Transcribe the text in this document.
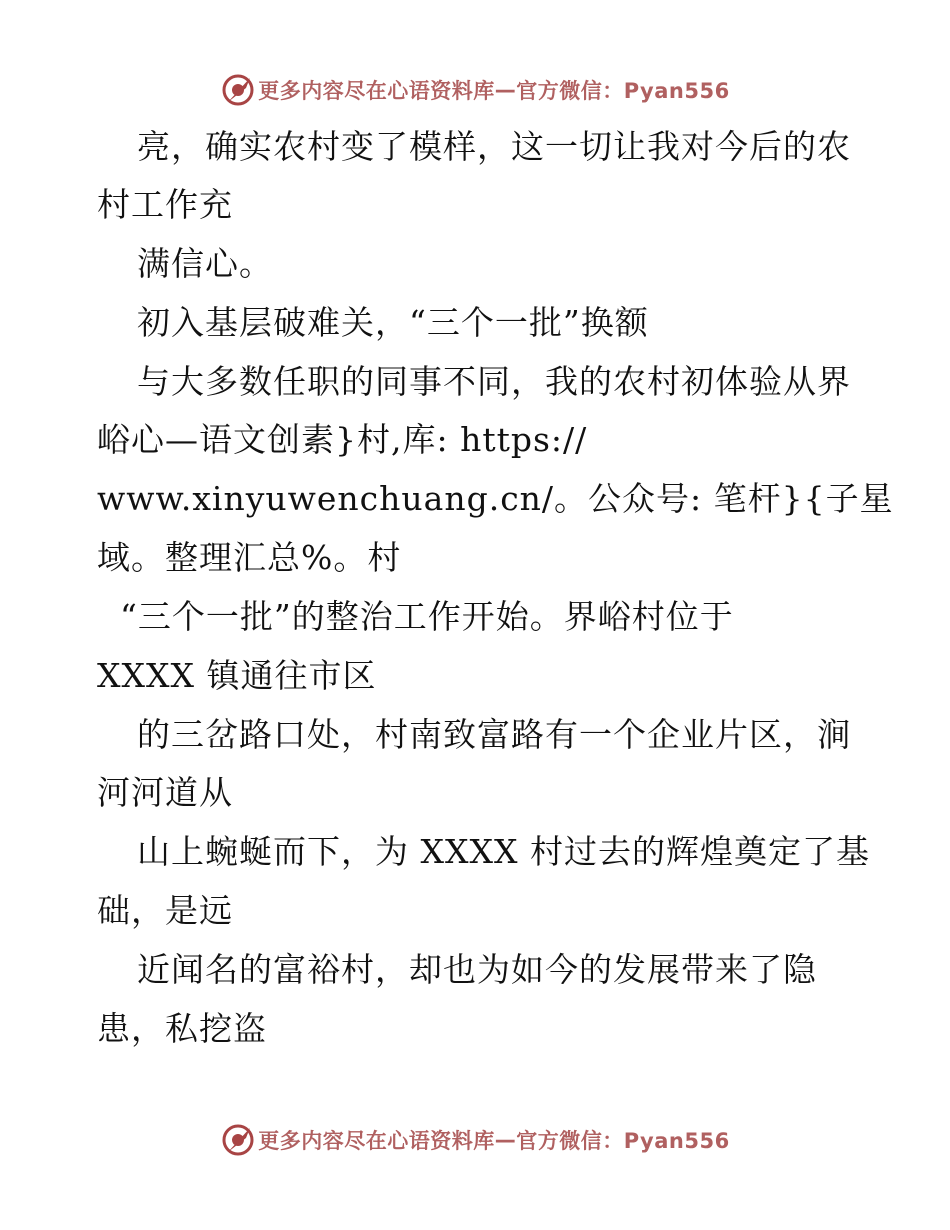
更多内容尽在心语资料库 — 官方微信：Pyan556
亮，确实农村变了模样，这一切让我对今后的农
村工作充
满信心。
初入基层破难关，“三个一批”换额
与大多数任职的同事不同，我的农村初体验从界
峪心—语文创素}村,库: https://
www.xinyuwenchuang.cn/。公众号: 笔杆}{子星
域。整理汇总%。村
“三个一批”的整治工作开始。界峪村位于
XXXX 镇通往市区
的三岔路口处，村南致富路有一个企业片区，涧
河河道从
山上蜿蜒而下，为 XXXX 村过去的辉煌奠定了基
础，是远
近闻名的富裕村，却也为如今的发展带来了隐
患，私挖盗
更多内容尽在心语资料库 — 官方微信：Pyan556
